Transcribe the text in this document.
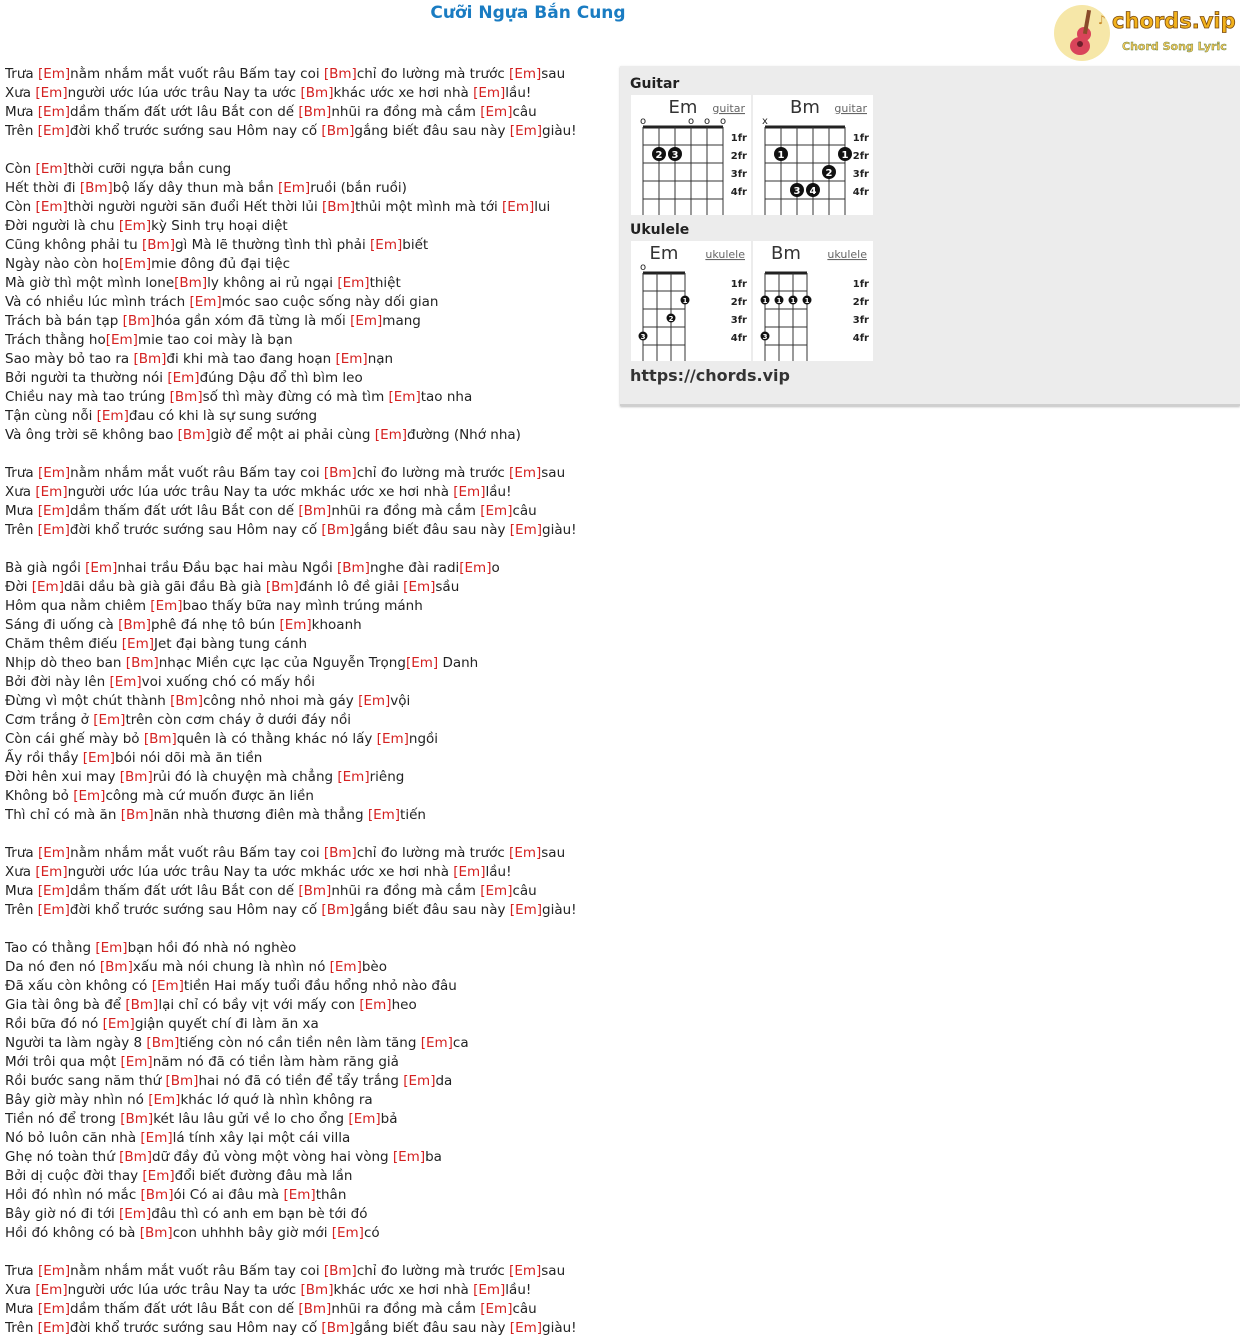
Cưỡi Ngựa Bắn Cung	♪ chords.vip
Chord Song Lyric
Trưa [Em]nằm nhắm mắt vuốt râu Bấm tay coi [Bm]chỉ đo lường mà trước [Em]sau
Xưa [Em]người ước lúa ước trâu Nay ta ước [Bm]khác ước xe hơi nhà [Em]lầu!
Mưa [Em]dầm thấm đất ướt lâu Bắt con dế [Bm]nhũi ra đồng mà cắm [Em]câu
Trên [Em]đời khổ trước sướng sau Hôm nay cố [Bm]gắng biết đâu sau này [Em]giàu!

Còn [Em]thời cưỡi ngựa bắn cung
Hết thời đi [Bm]bộ lấy dây thun mà bắn [Em]ruồi (bắn ruồi)
Còn [Em]thời người người săn đuổi Hết thời lủi [Bm]thủi một mình mà tới [Em]lui
Đời người là chu [Em]kỳ Sinh trụ hoại diệt
Cũng không phải tu [Bm]gì Mà lẽ thường tình thì phải [Em]biết
Ngày nào còn ho[Em]mie đông đủ đại tiệc
Mà giờ thì một mình lone[Bm]ly không ai rủ ngại [Em]thiệt
Và có nhiều lúc mình trách [Em]móc sao cuộc sống này dối gian
Trách bà bán tạp [Bm]hóa gần xóm đã từng là mối [Em]mang
Trách thằng ho[Em]mie tao coi mày là bạn
Sao mày bỏ tao ra [Bm]đi khi mà tao đang hoạn [Em]nạn
Bởi người ta thường nói [Em]đúng Dậu đổ thì bìm leo
Chiều nay mà tao trúng [Bm]số thì mày đừng có mà tìm [Em]tao nha
Tận cùng nỗi [Em]đau có khi là sự sung sướng
Và ông trời sẽ không bao [Bm]giờ để một ai phải cùng [Em]đường (Nhớ nha)

Trưa [Em]nằm nhắm mắt vuốt râu Bấm tay coi [Bm]chỉ đo lường mà trước [Em]sau
Xưa [Em]người ước lúa ước trâu Nay ta ước mkhác ước xe hơi nhà [Em]lầu!
Mưa [Em]dầm thấm đất ướt lâu Bắt con dế [Bm]nhũi ra đồng mà cắm [Em]câu
Trên [Em]đời khổ trước sướng sau Hôm nay cố [Bm]gắng biết đâu sau này [Em]giàu!

Bà già ngồi [Em]nhai trầu Đầu bạc hai màu Ngồi [Bm]nghe đài radi[Em]o
Đời [Em]dãi dầu bà già gãi đầu Bà già [Bm]đánh lô đề giải [Em]sầu
Hôm qua nằm chiêm [Em]bao thấy bữa nay mình trúng mánh
Sáng đi uống cà [Bm]phê đá nhẹ tô bún [Em]khoanh
Chăm thêm điếu [Em]Jet đại bàng tung cánh
Nhịp dò theo ban [Bm]nhạc Miền cực lạc của Nguyễn Trọng[Em] Danh
Bởi đời này lên [Em]voi xuống chó có mấy hồi
Đừng vì một chút thành [Bm]công nhỏ nhoi mà gáy [Em]vội
Cơm trắng ở [Em]trên còn cơm cháy ở dưới đáy nồi
Còn cái ghế mày bỏ [Bm]quên là có thằng khác nó lấy [Em]ngồi
Ấy rồi thầy [Em]bói nói dõi mà ăn tiền
Đời hên xui may [Bm]rủi đó là chuyện mà chẳng [Em]riêng
Không bỏ [Em]công mà cứ muốn được ăn liền
Thì chỉ có mà ăn [Bm]năn nhà thương điên mà thẳng [Em]tiến

Trưa [Em]nằm nhắm mắt vuốt râu Bấm tay coi [Bm]chỉ đo lường mà trước [Em]sau
Xưa [Em]người ước lúa ước trâu Nay ta ước mkhác ước xe hơi nhà [Em]lầu!
Mưa [Em]dầm thấm đất ướt lâu Bắt con dế [Bm]nhũi ra đồng mà cắm [Em]câu
Trên [Em]đời khổ trước sướng sau Hôm nay cố [Bm]gắng biết đâu sau này [Em]giàu!

Tao có thằng [Em]bạn hồi đó nhà nó nghèo
Da nó đen nó [Bm]xấu mà nói chung là nhìn nó [Em]bèo
Đã xấu còn không có [Em]tiền Hai mấy tuổi đầu hổng nhỏ nào đâu
Gia tài ông bà để [Bm]lại chỉ có bầy vịt với mấy con [Em]heo
Rồi bữa đó nó [Em]giận quyết chí đi làm ăn xa
Người ta làm ngày 8 [Bm]tiếng còn nó cần tiền nên làm tăng [Em]ca
Mới trôi qua một [Em]năm nó đã có tiền làm hàm răng giả
Rồi bước sang năm thứ [Bm]hai nó đã có tiền để tẩy trắng [Em]da
Bây giờ mày nhìn nó [Em]khác lớ quớ là nhìn không ra
Tiền nó để trong [Bm]két lâu lâu gửi về lo cho ổng [Em]bả
Nó bỏ luôn căn nhà [Em]lá tính xây lại một cái villa
Ghẹ nó toàn thứ [Bm]dữ đầy đủ vòng một vòng hai vòng [Em]ba
Bởi dị cuộc đời thay [Em]đổi biết đường đâu mà lần
Hồi đó nhìn nó mắc [Bm]ói Có ai đâu mà [Em]thân
Bây giờ nó đi tới [Em]đâu thì có anh em bạn bè tới đó
Hồi đó không có bà [Bm]con uhhhh bây giờ mới [Em]có

Trưa [Em]nằm nhắm mắt vuốt râu Bấm tay coi [Bm]chỉ đo lường mà trước [Em]sau
Xưa [Em]người ước lúa ước trâu Nay ta ước [Bm]khác ước xe hơi nhà [Em]lầu!
Mưa [Em]dầm thấm đất ướt lâu Bắt con dế [Bm]nhũi ra đồng mà cắm [Em]câu
Trên [Em]đời khổ trước sướng sau Hôm nay cố [Bm]gắng biết đâu sau này [Em]giàu!
Guitar
Em guitar
o	o o o
1fr
2fr
3fr
4fr
2 3
Bm guitar
x
1fr
2fr
3fr
4fr
1	1
2
3 4
Ukulele
Em ukulele
o
1fr
2fr
3fr
4fr
1
2
3
Bm ukulele
1fr
2fr
3fr
4fr
1 1 1 1
3
https://chords.vip
